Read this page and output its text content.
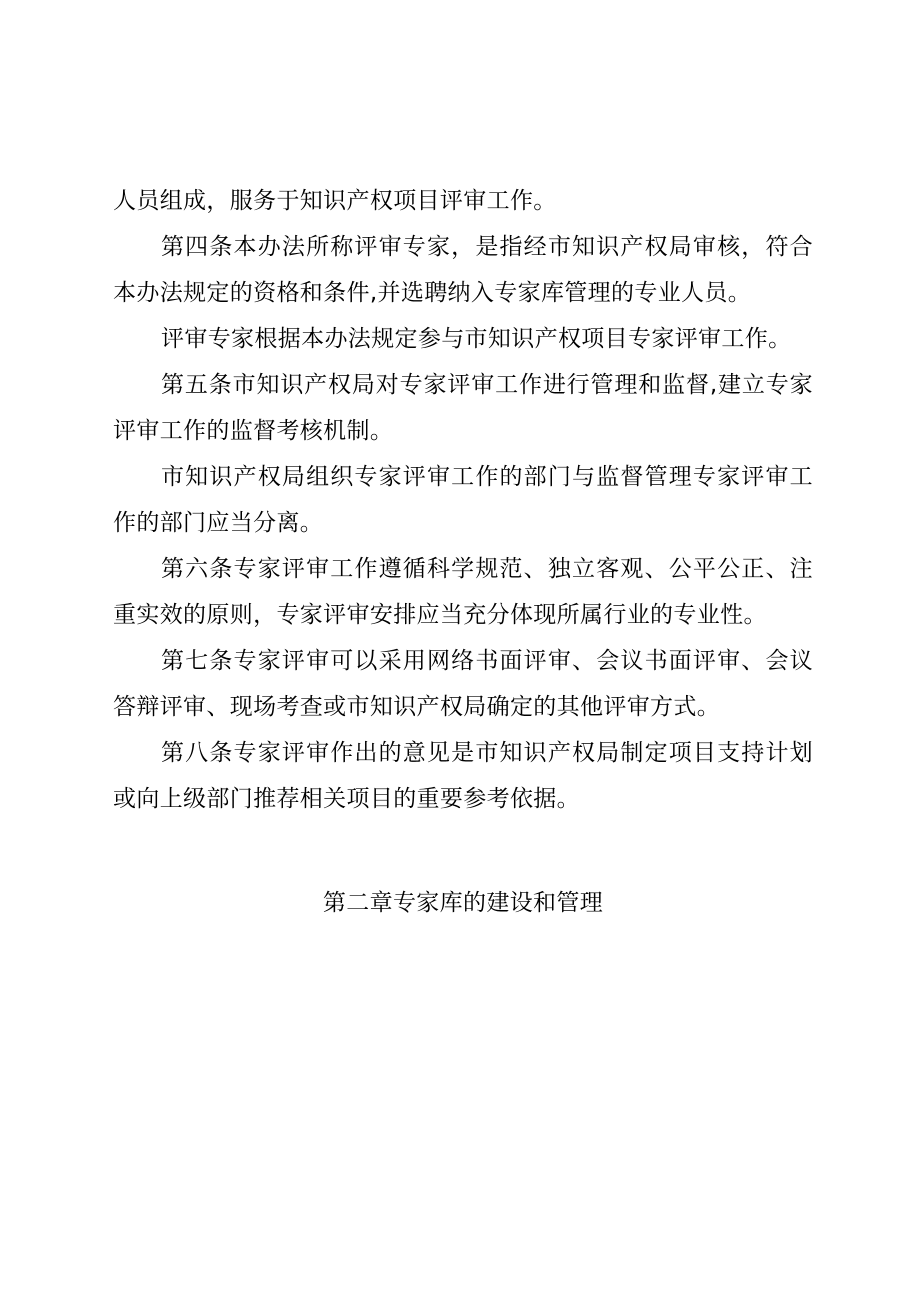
人员组成，服务于知识产权项目评审工作。

第四条本办法所称评审专家，是指经市知识产权局审核，符合本办法规定的资格和条件,并选聘纳入专家库管理的专业人员。

评审专家根据本办法规定参与市知识产权项目专家评审工作。

第五条市知识产权局对专家评审工作进行管理和监督,建立专家评审工作的监督考核机制。

市知识产权局组织专家评审工作的部门与监督管理专家评审工作的部门应当分离。

第六条专家评审工作遵循科学规范、独立客观、公平公正、注重实效的原则，专家评审安排应当充分体现所属行业的专业性。

第七条专家评审可以采用网络书面评审、会议书面评审、会议答辩评审、现场考查或市知识产权局确定的其他评审方式。

第八条专家评审作出的意见是市知识产权局制定项目支持计划或向上级部门推荐相关项目的重要参考依据。

第二章专家库的建设和管理
